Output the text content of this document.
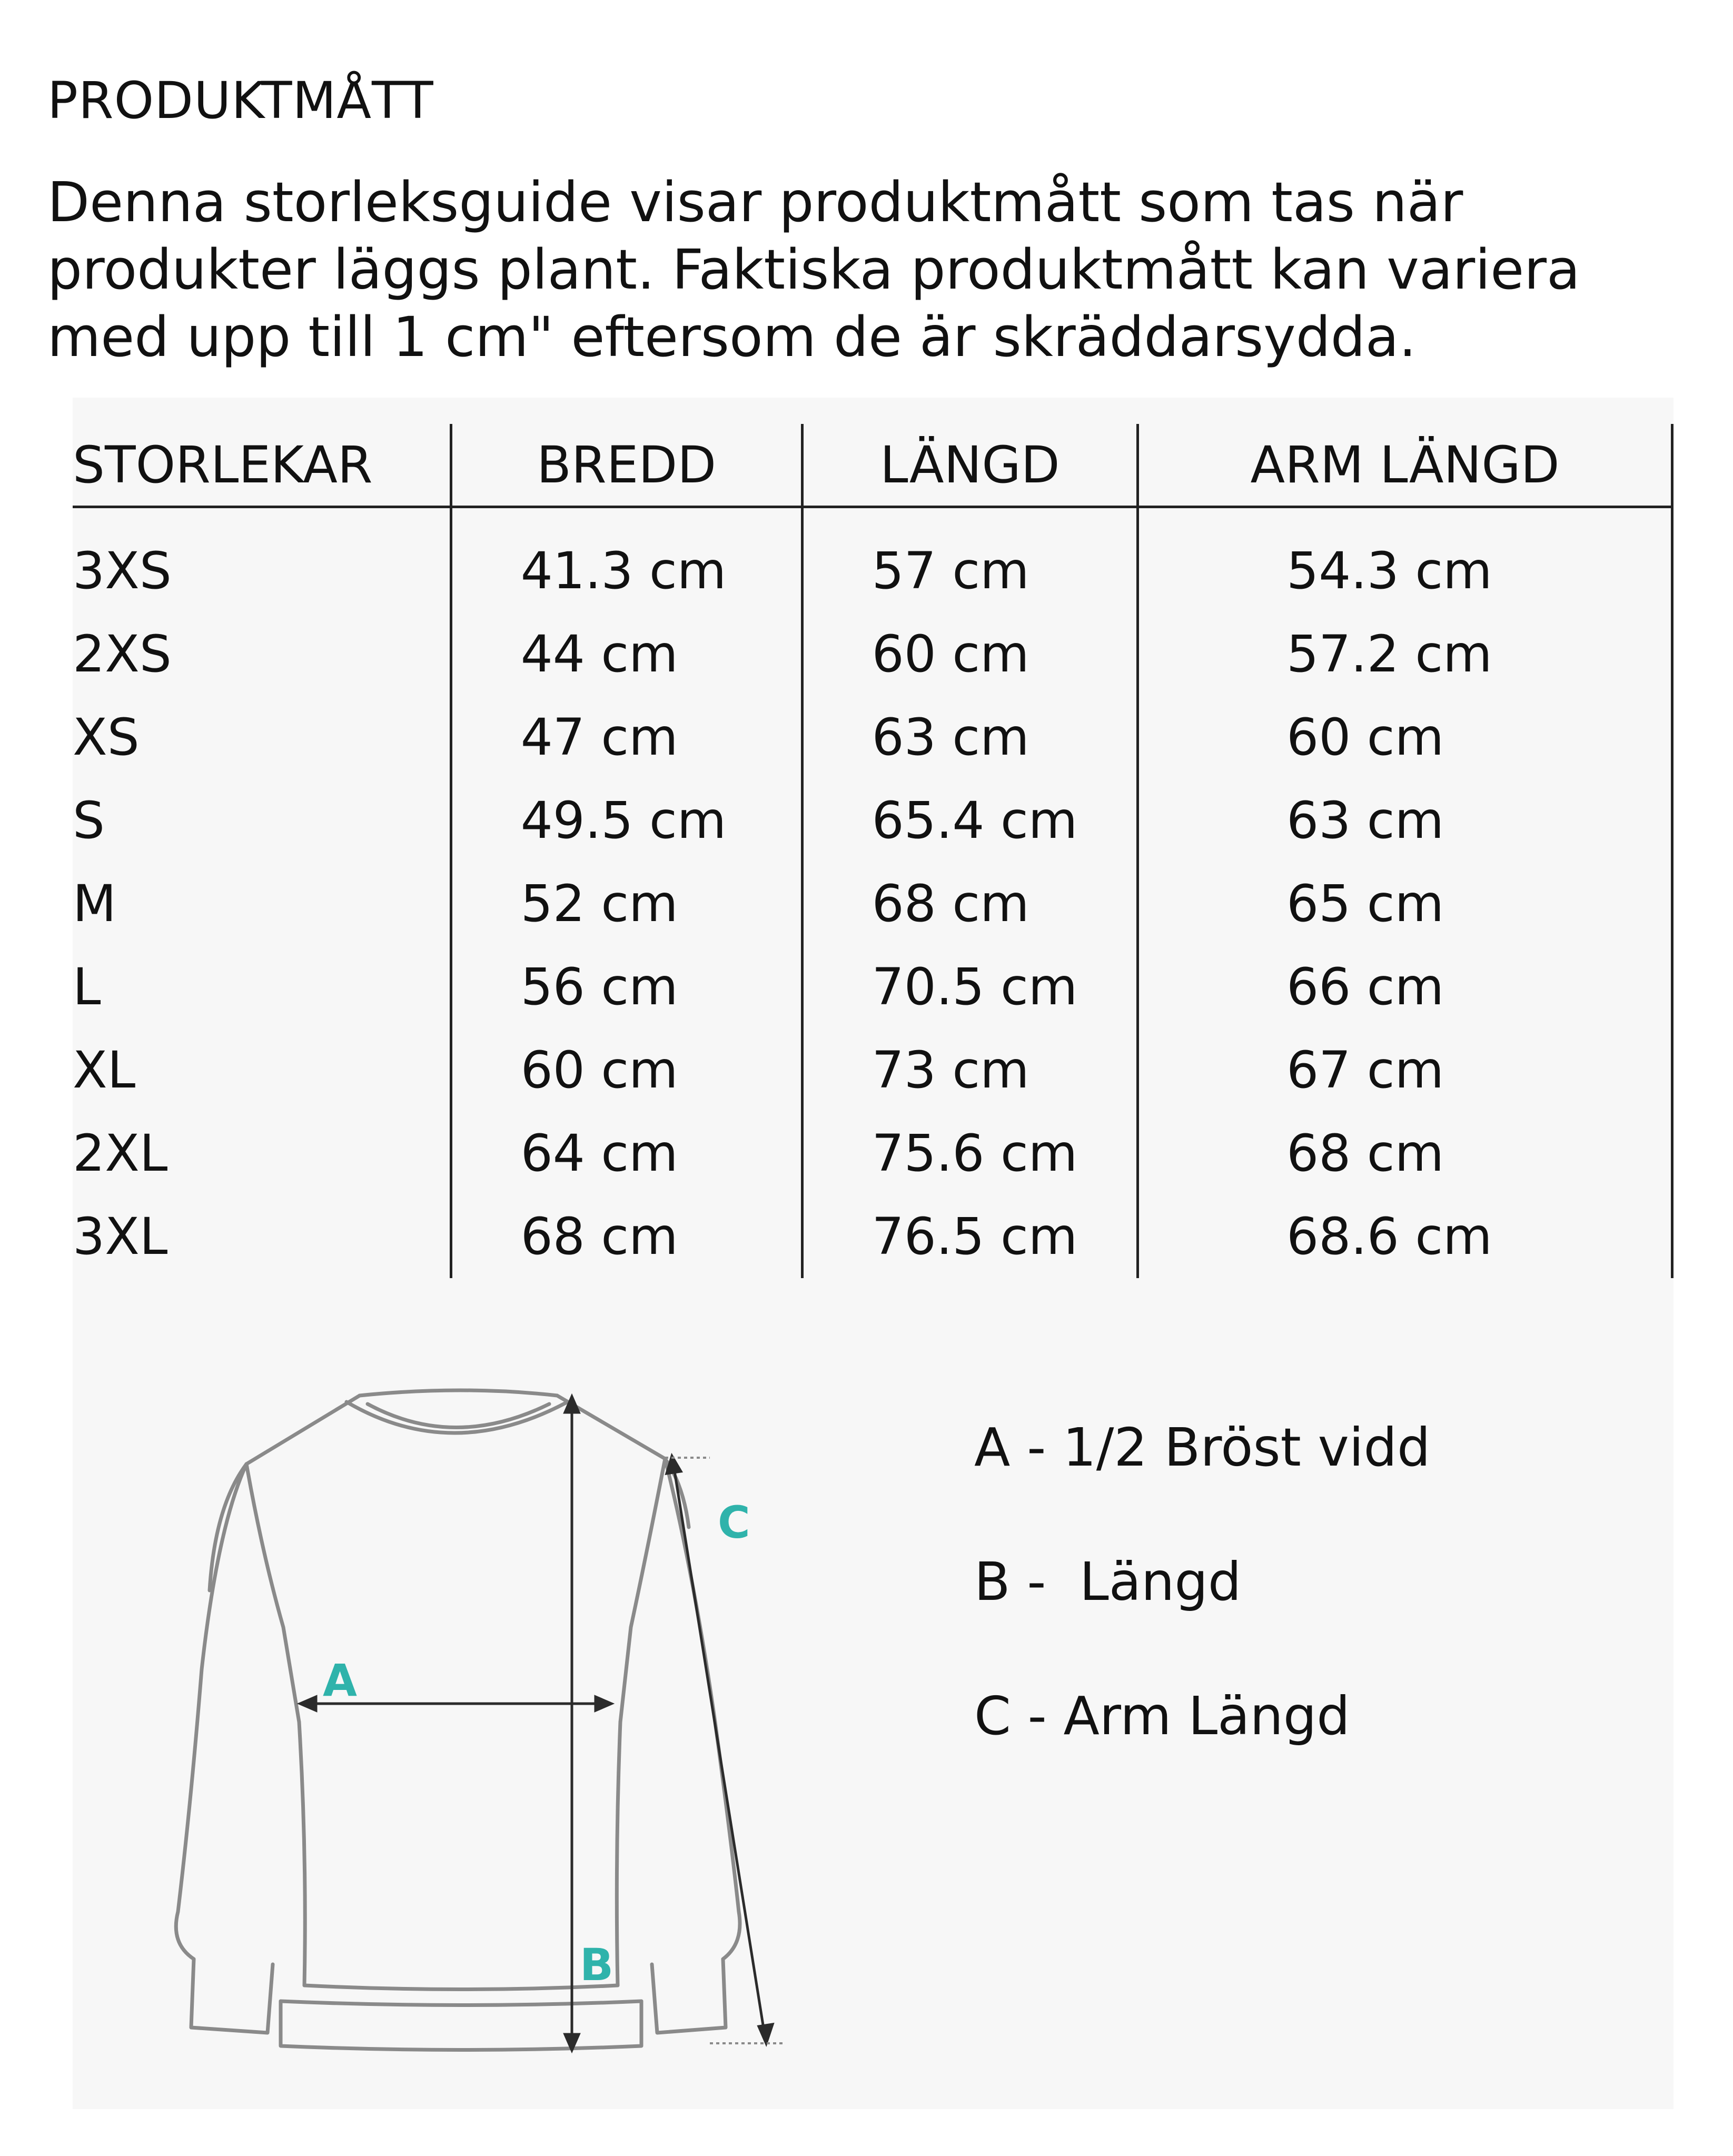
PRODUKTMÅTT
Denna storleksguide visar produktmått som tas när
produkter läggs plant. Faktiska produktmått kan variera
med upp till 1 cm" eftersom de är skräddarsydda.
STORLEKAR	BREDD	LÄNGD	ARM LÄNGD
3XS	41.3 cm	57 cm	54.3 cm
2XS	44 cm	60 cm	57.2 cm
XS	47 cm	63 cm	60 cm
S	49.5 cm	65.4 cm	63 cm
M	52 cm	68 cm	65 cm
L	56 cm	70.5 cm	66 cm
XL	60 cm	73 cm	67 cm
2XL	64 cm	75.6 cm	68 cm
3XL	68 cm	76.5 cm	68.6 cm
A
B
C
A - 1/2 Bröst vidd
B -  Längd
C - Arm Längd
